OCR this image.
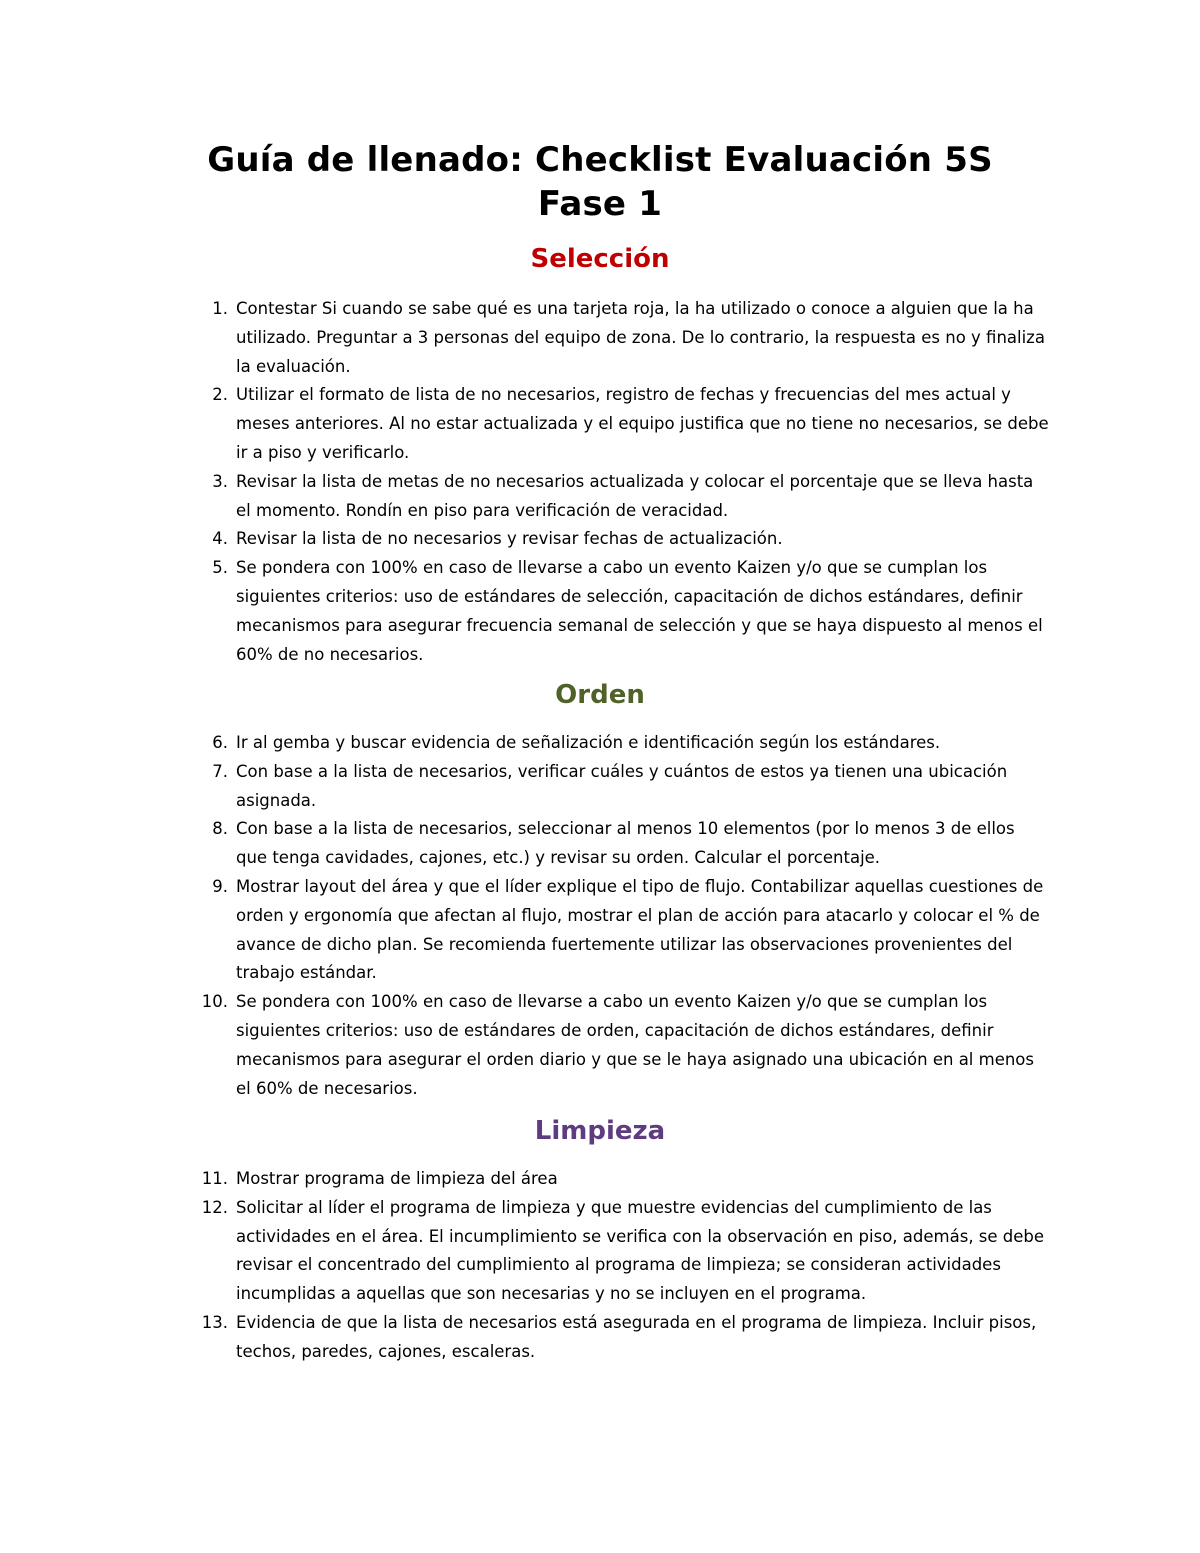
Guía de llenado: Checklist Evaluación 5S
Fase 1
Selección
1. Contestar Si cuando se sabe qué es una tarjeta roja, la ha utilizado o conoce a alguien que la ha utilizado. Preguntar a 3 personas del equipo de zona. De lo contrario, la respuesta es no y finaliza la evaluación.
2. Utilizar el formato de lista de no necesarios, registro de fechas y frecuencias del mes actual y meses anteriores. Al no estar actualizada y el equipo justifica que no tiene no necesarios, se debe ir a piso y verificarlo.
3. Revisar la lista de metas de no necesarios actualizada y colocar el porcentaje que se lleva hasta el momento. Rondín en piso para verificación de veracidad.
4. Revisar la lista de no necesarios y revisar fechas de actualización.
5. Se pondera con 100% en caso de llevarse a cabo un evento Kaizen y/o que se cumplan los siguientes criterios: uso de estándares de selección, capacitación de dichos estándares, definir mecanismos para asegurar frecuencia semanal de selección y que se haya dispuesto al menos el 60% de no necesarios.
Orden
6. Ir al gemba y buscar evidencia de señalización e identificación según los estándares.
7. Con base a la lista de necesarios, verificar cuáles y cuántos de estos ya tienen una ubicación asignada.
8. Con base a la lista de necesarios, seleccionar al menos 10 elementos (por lo menos 3 de ellos que tenga cavidades, cajones, etc.) y revisar su orden. Calcular el porcentaje.
9. Mostrar layout del área y que el líder explique el tipo de flujo. Contabilizar aquellas cuestiones de orden y ergonomía que afectan al flujo, mostrar el plan de acción para atacarlo y colocar el % de avance de dicho plan. Se recomienda fuertemente utilizar las observaciones provenientes del trabajo estándar.
10. Se pondera con 100% en caso de llevarse a cabo un evento Kaizen y/o que se cumplan los siguientes criterios: uso de estándares de orden, capacitación de dichos estándares, definir mecanismos para asegurar el orden diario y que se le haya asignado una ubicación en al menos el 60% de necesarios.
Limpieza
11. Mostrar programa de limpieza del área
12. Solicitar al líder el programa de limpieza y que muestre evidencias del cumplimiento de las actividades en el área. El incumplimiento se verifica con la observación en piso, además, se debe revisar el concentrado del cumplimiento al programa de limpieza; se consideran actividades incumplidas a aquellas que son necesarias y no se incluyen en el programa.
13. Evidencia de que la lista de necesarios está asegurada en el programa de limpieza. Incluir pisos, techos, paredes, cajones, escaleras.
